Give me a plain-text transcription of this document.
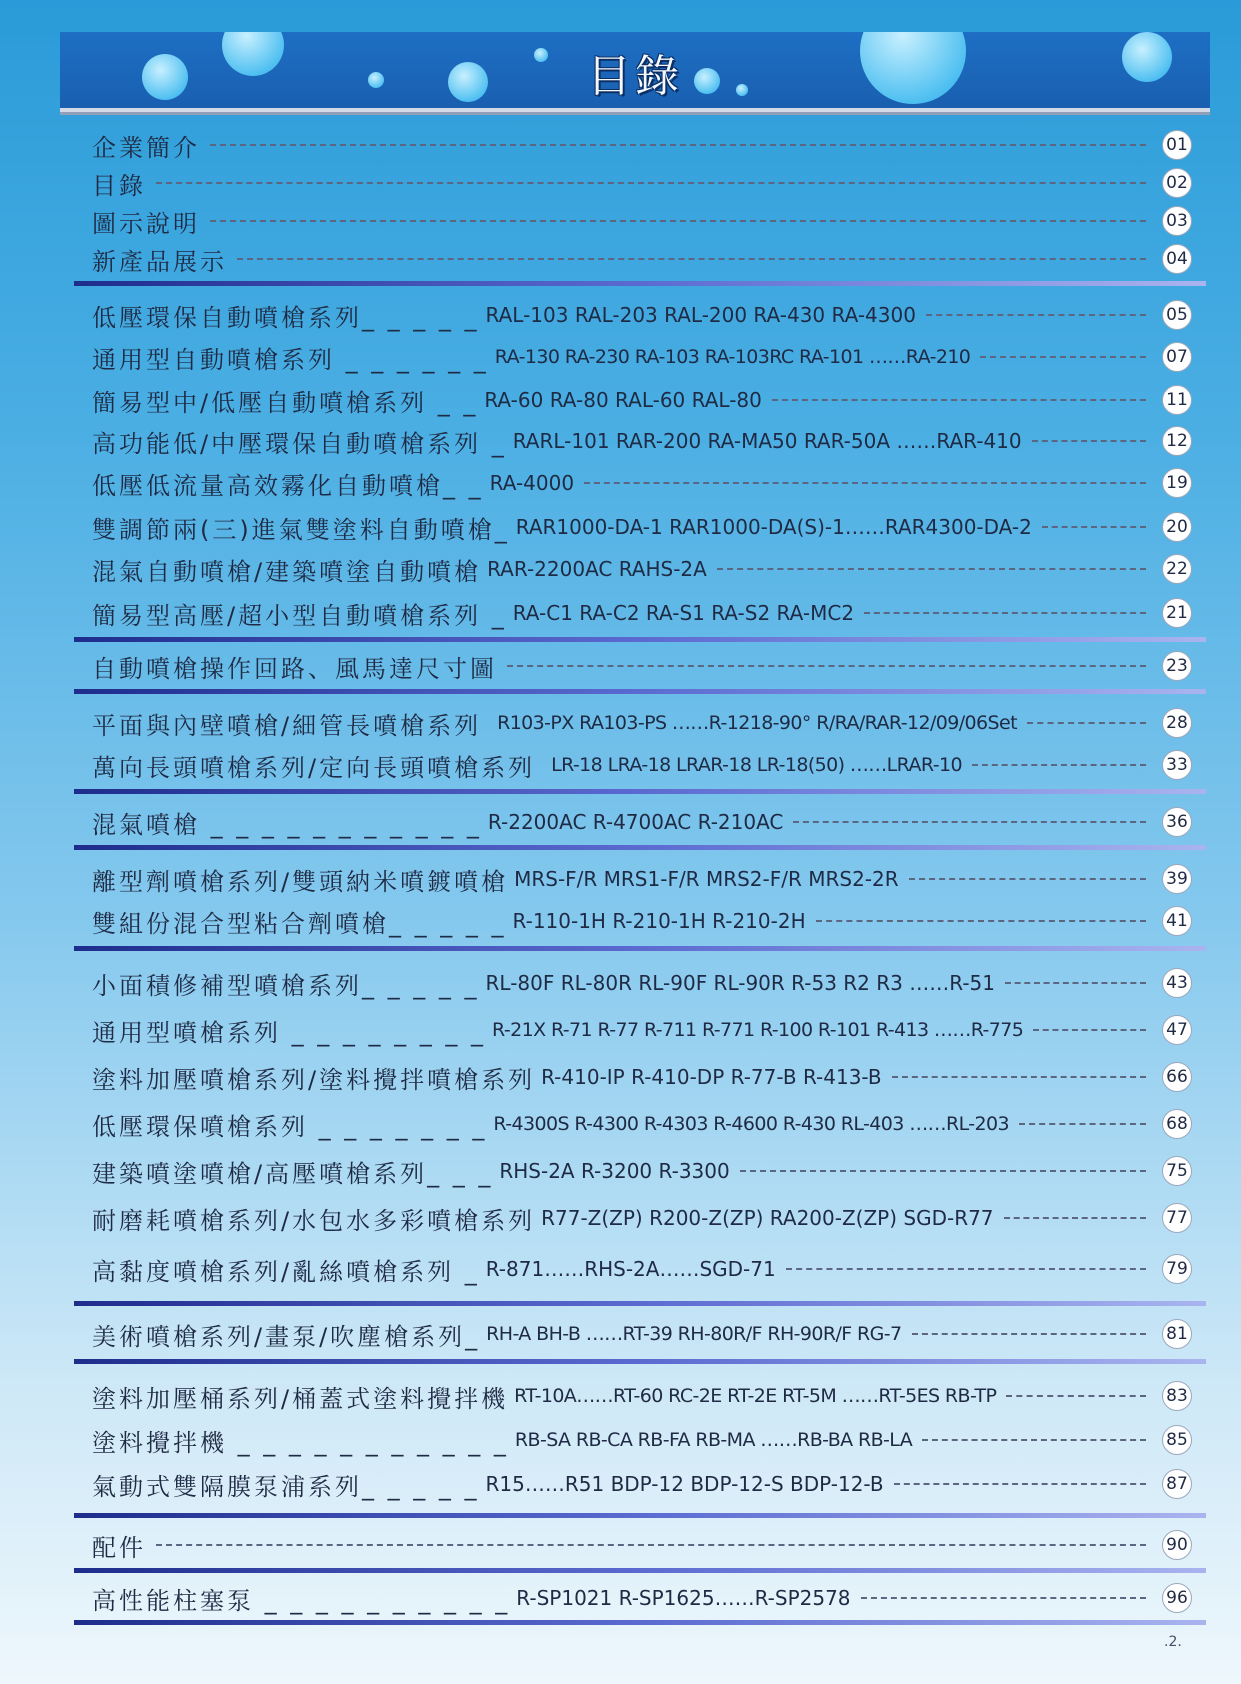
目錄
企業簡介	01
目錄	02
圖示說明	03
新產品展示	04
低壓環保自動噴槍系列_ _ _ _ _ RAL-103 RAL-203 RAL-200 RA-430 RA-4300	05
通用型自動噴槍系列 _ _ _ _ _ _ RA-130 RA-230 RA-103 RA-103RC RA-101 ……RA-210	07
簡易型中/低壓自動噴槍系列 _ _ RA-60 RA-80 RAL-60 RAL-80	11
高功能低/中壓環保自動噴槍系列 _ RARL-101 RAR-200 RA-MA50 RAR-50A ……RAR-410	12
低壓低流量高效霧化自動噴槍_ _ RA-4000	19
雙調節兩(三)進氣雙塗料自動噴槍_ RAR1000-DA-1 RAR1000-DA(S)-1……RAR4300-DA-2	20
混氣自動噴槍/建築噴塗自動噴槍 RAR-2200AC RAHS-2A	22
簡易型高壓/超小型自動噴槍系列 _ RA-C1 RA-C2 RA-S1 RA-S2 RA-MC2	21
自動噴槍操作回路、風馬達尺寸圖	23
平面與內壁噴槍/細管長噴槍系列 R103-PX RA103-PS ……R-1218-90° R/RA/RAR-12/09/06Set	28
萬向長頭噴槍系列/定向長頭噴槍系列 LR-18 LRA-18 LRAR-18 LR-18(50) ……LRAR-10	33
混氣噴槍 _ _ _ _ _ _ _ _ _ _ _ R-2200AC R-4700AC R-210AC	36
離型劑噴槍系列/雙頭納米噴鍍噴槍 MRS-F/R MRS1-F/R MRS2-F/R MRS2-2R	39
雙組份混合型粘合劑噴槍_ _ _ _ _ R-110-1H R-210-1H R-210-2H	41
小面積修補型噴槍系列_ _ _ _ _ RL-80F RL-80R RL-90F RL-90R R-53 R2 R3 ……R-51	43
通用型噴槍系列 _ _ _ _ _ _ _ _ R-21X R-71 R-77 R-711 R-771 R-100 R-101 R-413 ……R-775	47
塗料加壓噴槍系列/塗料攪拌噴槍系列 R-410-IP R-410-DP R-77-B R-413-B	66
低壓環保噴槍系列 _ _ _ _ _ _ _ R-4300S R-4300 R-4303 R-4600 R-430 RL-403 ……RL-203	68
建築噴塗噴槍/高壓噴槍系列_ _ _ RHS-2A R-3200 R-3300	75
耐磨耗噴槍系列/水包水多彩噴槍系列 R77-Z(ZP) R200-Z(ZP) RA200-Z(ZP) SGD-R77	77
高黏度噴槍系列/亂絲噴槍系列 _ R-871……RHS-2A……SGD-71	79
美術噴槍系列/畫泵/吹塵槍系列_ RH-A BH-B ……RT-39 RH-80R/F RH-90R/F RG-7	81
塗料加壓桶系列/桶蓋式塗料攪拌機 RT-10A……RT-60 RC-2E RT-2E RT-5M ……RT-5ES RB-TP	83
塗料攪拌機 _ _ _ _ _ _ _ _ _ _ _ RB-SA RB-CA RB-FA RB-MA ……RB-BA RB-LA	85
氣動式雙隔膜泵浦系列_ _ _ _ _ R15……R51 BDP-12 BDP-12-S BDP-12-B	87
配件	90
高性能柱塞泵 _ _ _ _ _ _ _ _ _ _ R-SP1021 R-SP1625……R-SP2578	96
.2.
